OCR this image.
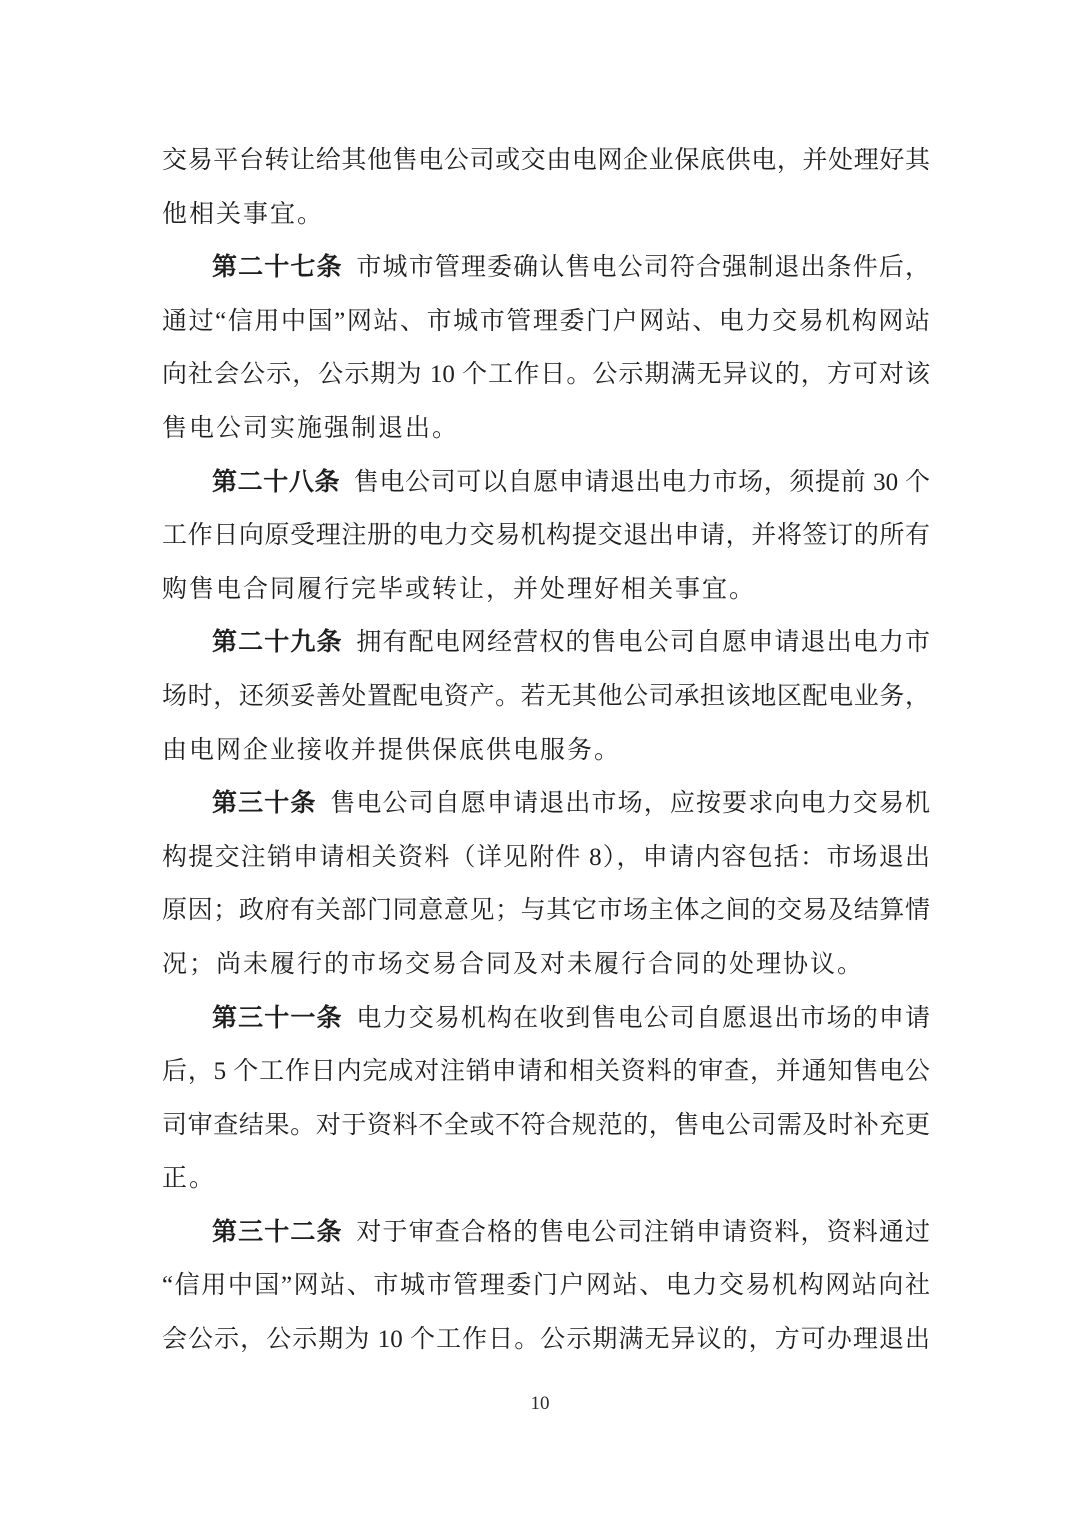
交易平台转让给其他售电公司或交由电网企业保底供电，并处理好其
他相关事宜。
第二十七条 市城市管理委确认售电公司符合强制退出条件后，
通过“信用中国”网站、市城市管理委门户网站、电力交易机构网站
向社会公示，公示期为 10 个工作日。公示期满无异议的，方可对该
售电公司实施强制退出。
第二十八条 售电公司可以自愿申请退出电力市场，须提前 30 个
工作日向原受理注册的电力交易机构提交退出申请，并将签订的所有
购售电合同履行完毕或转让，并处理好相关事宜。
第二十九条 拥有配电网经营权的售电公司自愿申请退出电力市
场时，还须妥善处置配电资产。若无其他公司承担该地区配电业务，
由电网企业接收并提供保底供电服务。
第三十条 售电公司自愿申请退出市场，应按要求向电力交易机
构提交注销申请相关资料（详见附件 8），申请内容包括：市场退出
原因；政府有关部门同意意见；与其它市场主体之间的交易及结算情
况；尚未履行的市场交易合同及对未履行合同的处理协议。
第三十一条 电力交易机构在收到售电公司自愿退出市场的申请
后，5 个工作日内完成对注销申请和相关资料的审查，并通知售电公
司审查结果。对于资料不全或不符合规范的，售电公司需及时补充更
正。
第三十二条 对于审查合格的售电公司注销申请资料，资料通过
“信用中国”网站、市城市管理委门户网站、电力交易机构网站向社
会公示，公示期为 10 个工作日。公示期满无异议的，方可办理退出
10
